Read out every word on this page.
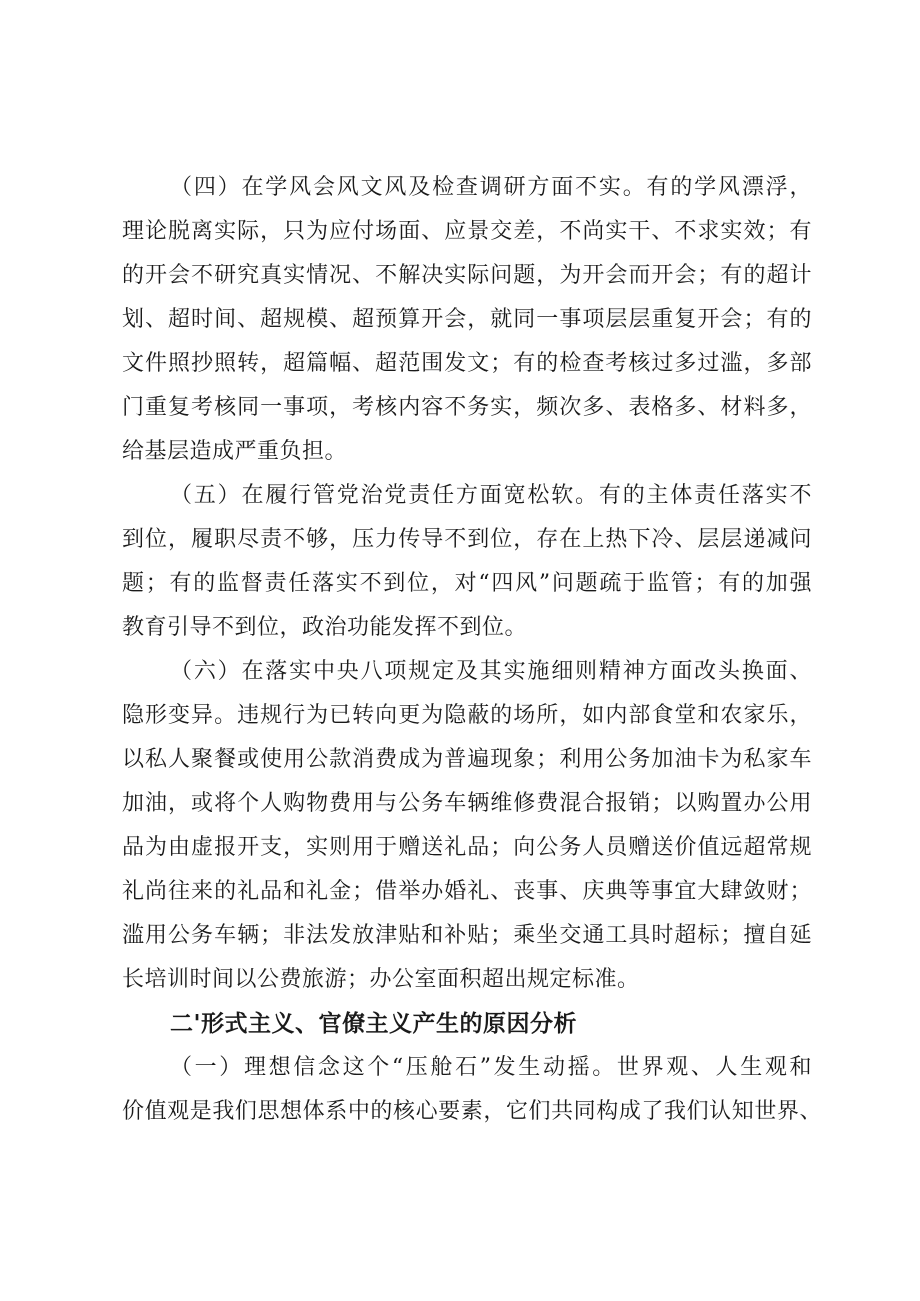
（四）在学风会风文风及检查调研方面不实。有的学风漂浮，
理论脱离实际，只为应付场面、应景交差，不尚实干、不求实效；有
的开会不研究真实情况、不解决实际问题，为开会而开会；有的超计
划、超时间、超规模、超预算开会，就同一事项层层重复开会；有的
文件照抄照转，超篇幅、超范围发文；有的检查考核过多过滥，多部
门重复考核同一事项，考核内容不务实，频次多、表格多、材料多，
给基层造成严重负担。
（五）在履行管党治党责任方面宽松软。有的主体责任落实不
到位，履职尽责不够，压力传导不到位，存在上热下冷、层层递减问
题；有的监督责任落实不到位，对“四风”问题疏于监管；有的加强
教育引导不到位，政治功能发挥不到位。
（六）在落实中央八项规定及其实施细则精神方面改头换面、
隐形变异。违规行为已转向更为隐蔽的场所，如内部食堂和农家乐，
以私人聚餐或使用公款消费成为普遍现象；利用公务加油卡为私家车
加油，或将个人购物费用与公务车辆维修费混合报销；以购置办公用
品为由虚报开支，实则用于赠送礼品；向公务人员赠送价值远超常规
礼尚往来的礼品和礼金；借举办婚礼、丧事、庆典等事宜大肆敛财；
滥用公务车辆；非法发放津贴和补贴；乘坐交通工具时超标；擅自延
长培训时间以公费旅游；办公室面积超出规定标准。
二'形式主义、官僚主义产生的原因分析
（一）理想信念这个“压舱石”发生动摇。世界观、人生观和
价值观是我们思想体系中的核心要素，它们共同构成了我们认知世界、
